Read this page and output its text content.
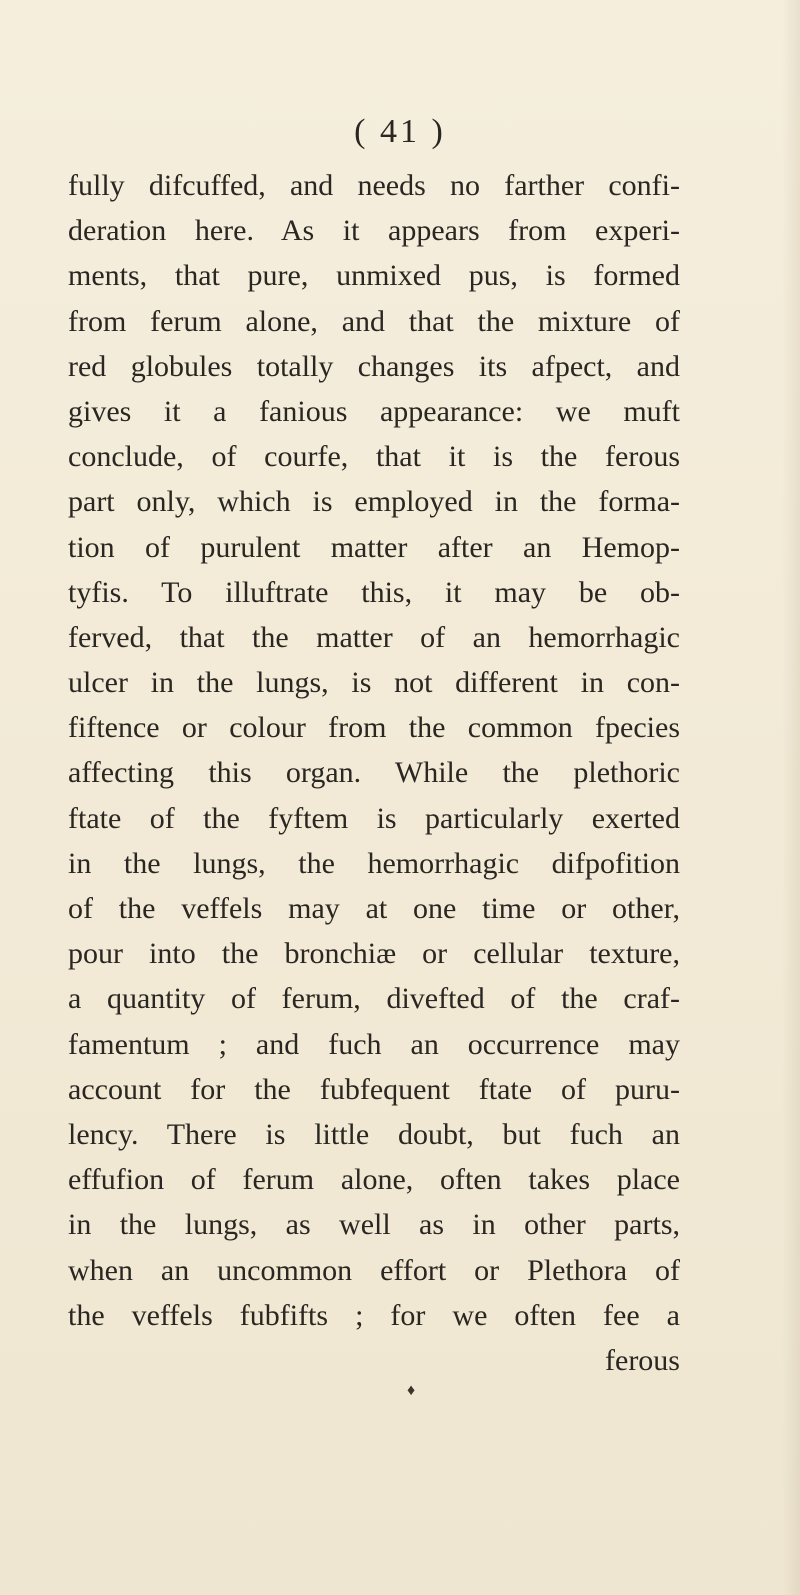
( 41 )
fully difcuffed, and needs no farther confi-
deration here. As it appears from experi-
ments, that pure, unmixed pus, is formed
from ferum alone, and that the mixture of
red globules totally changes its afpect, and
gives it a fanious appearance: we muft
conclude, of courfe, that it is the ferous
part only, which is employed in the forma-
tion of purulent matter after an Hemop-
tyfis. To illuftrate this, it may be ob-
ferved, that the matter of an hemorrhagic
ulcer in the lungs, is not different in con-
fiftence or colour from the common fpecies
affecting this organ. While the plethoric
ftate of the fyftem is particularly exerted
in the lungs, the hemorrhagic difpofition
of the veffels may at one time or other,
pour into the bronchiæ or cellular texture,
a quantity of ferum, divefted of the craf-
famentum ; and fuch an occurrence may
account for the fubfequent ftate of puru-
lency. There is little doubt, but fuch an
effufion of ferum alone, often takes place
in the lungs, as well as in other parts,
when an uncommon effort or Plethora of
the veffels fubfifts ; for we often fee a
ferous
♦
